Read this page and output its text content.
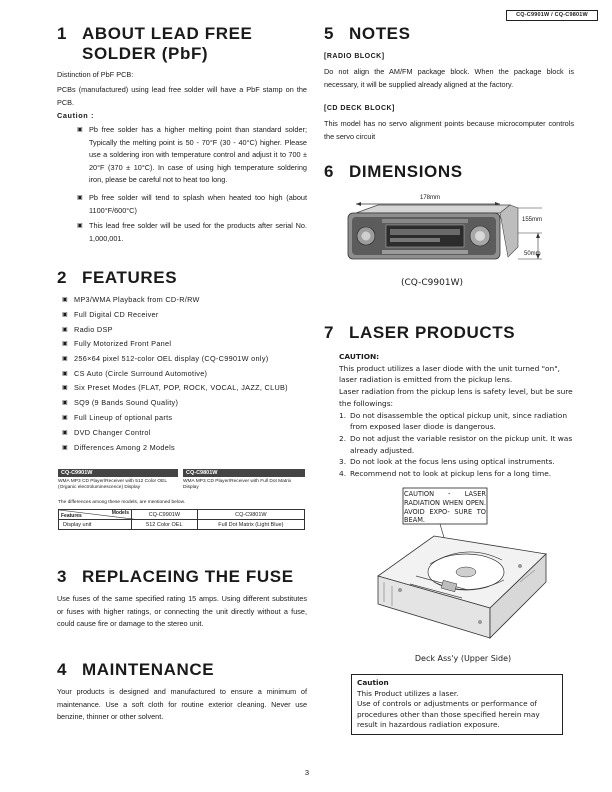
CQ-C9901W / CQ-C9801W
1 ABOUT LEAD FREE
SOLDER (PbF)
Distinction of PbF PCB:
PCBs (manufactured) using lead free solder will have a PbF stamp on the PCB.
Caution :
▣ Pb free solder has a higher melting point than standard solder; Typically the melting point is 50 - 70°F (30 - 40°C) higher. Please use a soldering iron with temperature control and adjust it to 700 ± 20°F (370 ± 10°C). In case of using high temperature soldering iron, please be careful not to heat too long.
▣ Pb free solder will tend to splash when heated too high (about 1100°F/600°C)
▣ This lead free solder will be used for the products after serial No. 1,000,001.
2 FEATURES
▣ MP3/WMA Playback from CD-R/RW
▣ Full Digital CD Receiver
▣ Radio DSP
▣ Fully Motorized Front Panel
▣ 256×64 pixel 512-color OEL display (CQ-C9901W only)
▣ CS Auto (Circle Surround Automotive)
▣ Six Preset Modes (FLAT, POP, ROCK, VOCAL, JAZZ, CLUB)
▣ SQ9 (9 Bands Sound Quality)
▣ Full Lineup of optional parts
▣ DVD Changer Control
▣ Differences Among 2 Models
CQ-C9901W
WMA MP3 CD Player/Receiver with 512 Color OEL (Organic electroluminescence) Display
CQ-C9801W
WMA MP3 CD Player/Receiver with Full Dot Matrix Display
The differences among these models, are mentioned below.
Models
Features	CQ-C9901W	CQ-C9801W
Display unit	512 Color OEL	Full Dot Matrix (Light Blue)
3 REPLACEING THE FUSE
Use fuses of the same specified rating 15 amps. Using different substitutes or fuses with higher ratings, or connecting the unit directly without a fuse, could cause fire or damage to the stereo unit.
4 MAINTENANCE
Your products is designed and manufactured to ensure a minimum of maintenance. Use a soft cloth for routine exterior cleaning. Never use benzine, thinner or other solvent.
5 NOTES
[RADIO BLOCK]
Do not align the AM/FM package block. When the package block is necessary, it will be supplied already aligned at the factory.
[CD DECK BLOCK]
This model has no servo alignment points because microcomputer controls the servo circuit
6 DIMENSIONS
178mm
155mm
50mm
(CQ-C9901W)
7 LASER PRODUCTS
CAUTION:
This product utilizes a laser diode with the unit turned "on", laser radiation is emitted from the pickup lens.
Laser radiation from the pickup lens is safety level, but be sure the followings:
1. Do not disassemble the optical pickup unit, since radiation from exposed laser diode is dangerous.
2. Do not adjust the variable resistor on the pickup unit. It was already adjusted.
3. Do not look at the focus lens using optical instruments.
4. Recommend not to look at pickup lens for a long time.
CAUTION - LASER RADIATION WHEN OPEN. AVOID EXPO- SURE TO BEAM.
Deck Ass'y (Upper Side)
Caution
This Product utilizes a laser.
Use of controls or adjustments or performance of procedures other than those specified herein may result in hazardous radiation exposure.
3
